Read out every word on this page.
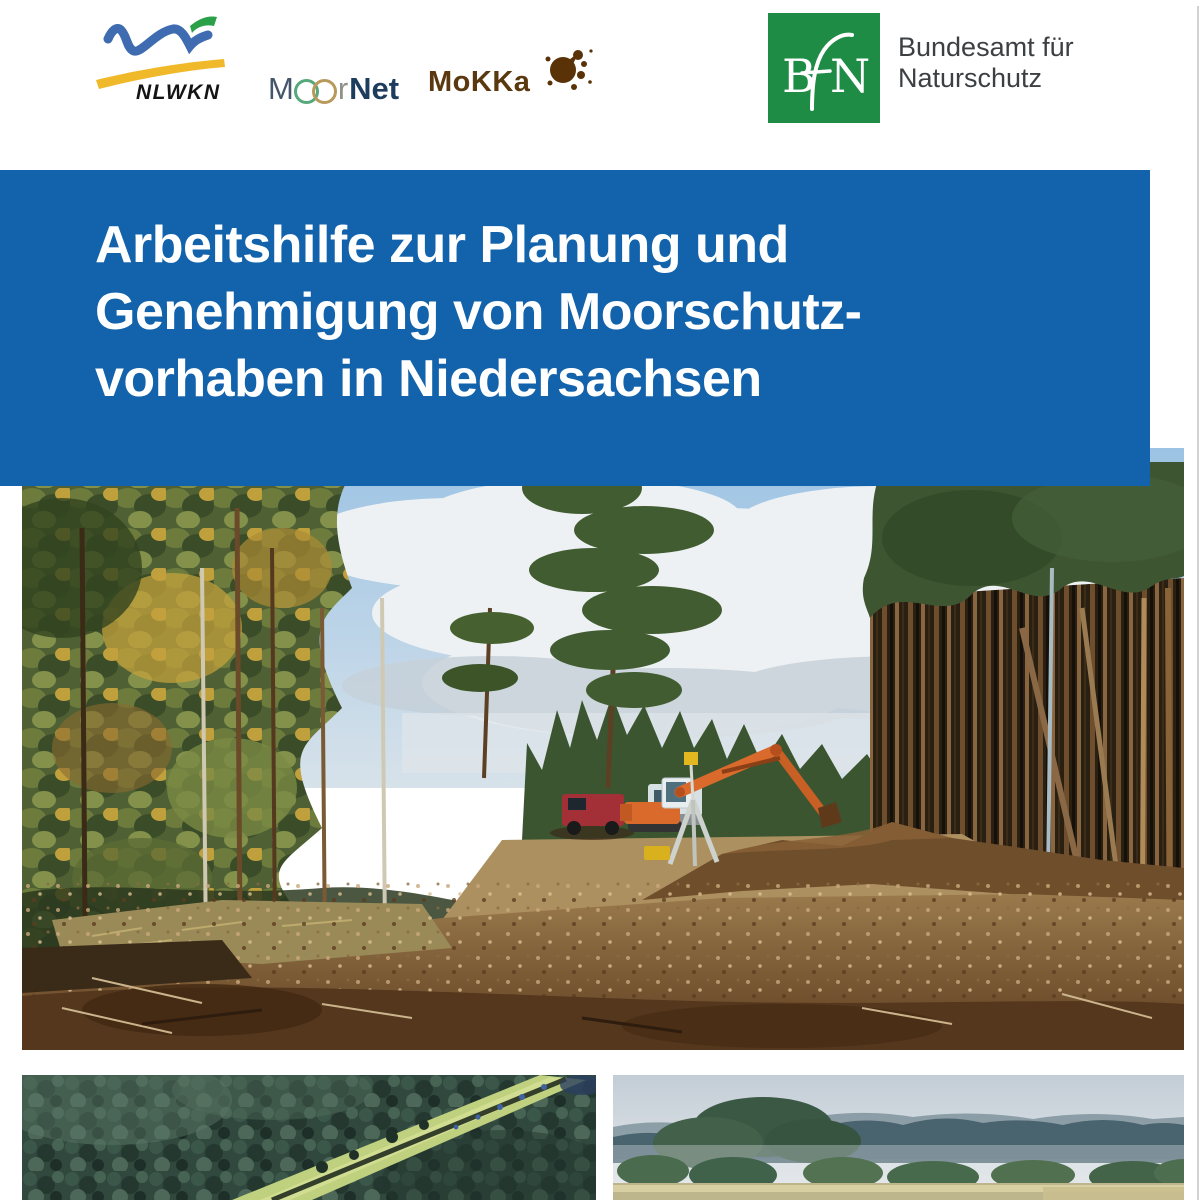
NLWKN M r Net MoKKa	B N
Bundesamt für
Naturschutz
Arbeitshilfe zur Planung und
Genehmigung von Moorschutz-
vorhaben in Niedersachsen
